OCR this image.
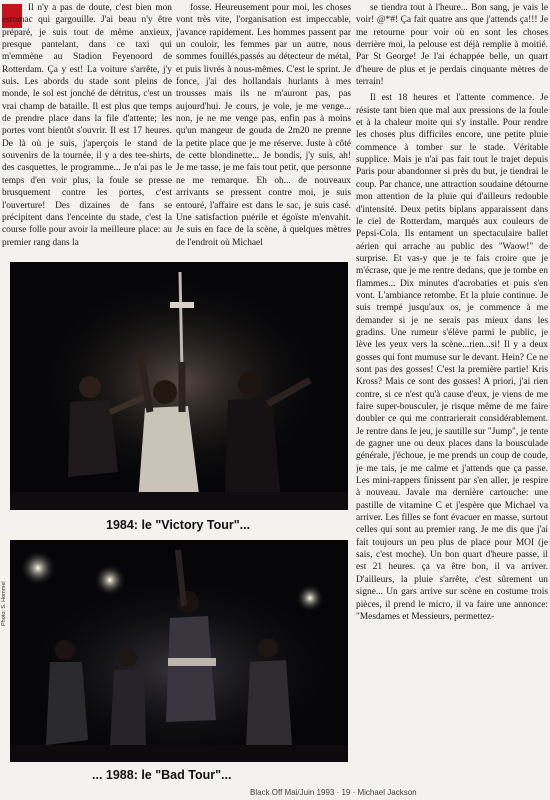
Il n'y a pas de doute, c'est bien mon estomac qui gargouille. J'ai beau n'y être préparé, je suis tout de même anxieux, presque pantelant, dans ce taxi qui m'emmène au Stadion Feyenoord de Rotterdam. Ça y est! La voiture s'arrête, j'y suis. Les abords du stade sont pleins de monde, le sol est jonché de détritus, c'est un vrai champ de bataille. Il est plus que temps de prendre place dans la file d'attente; les portes vont bientôt s'ouvrir. Il est 17 heures. De là où je suis, j'aperçois le stand de souvenirs de la tournée, il y a des tee-shirts, des casquettes, le programme... Je n'ai pas le temps d'en voir plus, la foule se presse brusquement contre les portes, c'est l'ouverture! Des dizaines de fans se précipitent dans l'enceinte du stade, c'est la course folle pour avoir la meilleure place: au premier rang dans la

fosse. Heureusement pour moi, les choses vont très vite, l'organisation est impeccable, j'avance rapidement. Les hommes passent par un couloir, les femmes par un autre, nous sommes fouillés,passés au détecteur de métal, et puis livrés à nous-mêmes. C'est le sprint. Je fonce, j'ai des hollandais hurlants à mes trousses mais ils ne m'auront pas, pas aujourd'hui. Je cours, je vole, je me venge... non, je ne me venge pas, enfin pas à moins qu'un mangeur de gouda de 2m20 ne prenne la petite place que je me réserve. Juste à côté de cette blondinette... Je bondis, j'y suis, ah! Je me tasse, je me fais tout petit, que personne ne me remarque. Eh oh... de nouveaux arrivants se pressent contre moi, je suis entouré, l'affaire est dans le sac, je suis casé. Une satisfaction puérile et égoïste m'envahit. Je suis en face de la scène, à quelques mètres de l'endroit où Michael

se tiendra tout à l'heure... Bon sang, je vais le voir! @*#! Ça fait quatre ans que j'attends ça!!! Je me retourne pour voir où en sont les choses derrière moi, la pelouse est déjà remplie à moitié. Par St George! Je l'ai échappée belle, un quart d'heure de plus et je perdais cinquante mètres de terrain!

Il est 18 heures et l'attente commence. Je résiste tant bien que mal aux pressions de la foule et à la chaleur moite qui s'y installe. Pour rendre les choses plus difficiles encore, une petite pluie commence à tomber sur le stade. Véritable supplice. Mais je n'ai pas fait tout le trajet depuis Paris pour abandonner si près du but, je tiendrai le coup. Par chance, une attraction soudaine détourne mon attention de la pluie qui d'ailleurs redouble d'intensité. Deux petits biplans apparaissent dans le ciel de Rotterdam, marqués aux couleurs de Pepsi-Cola. Ils entament un spectaculaire ballet aérien qui arrache au public des "Waow!" de surprise. Et vas-y que je te fais croire que je m'écrase, que je me rentre dedans, que je tombe en flammes... Dix minutes d'acrobaties et puis s'en vont. L'ambiance retombe. Et la pluie continue. Je suis trempé jusqu'aux os, je commence à me demander si je ne serais pas mieux dans les gradins. Une rumeur s'élève parmi le public, je lève les yeux vers la scène...rien...si! Il y a deux gosses qui font mumuse sur le devant. Hein? Ce ne sont pas des gosses! C'est la première partie! Kris Kross? Mais ce sont des gosses! A priori, j'ai rien contre, si ce n'est qu'à cause d'eux, je viens de me faire super-bousculer, je risque même de me faire doubler ce qui me contrarierait considérablement. Je rentre dans le jeu, je sautille sur "Jump", je tente de gagner une ou deux places dans la bousculade générale, j'échoue, je me prends un coup de coude, je me tais, je me calme et j'attends que ça passe. Les mini-rappers finissent par s'en aller, je respire à nouveau. Javale ma dernière cartouche: une pastille de vitamine C et j'espère que Michael va arriver. Les filles se font évacuer en masse, surtout celles qui sont au premier rang. Je me dis que j'ai fait toujours un peu plus de place pour MOI (je sais, c'est moche). Un bon quart d'heure passe, il est 21 heures. ça va être bon, il va arriver. D'ailleurs, la pluie s'arrête, c'est sûrement un signe... Un gars arrive sur scène en costume trois pièces, il prend le micro, il va faire une annonce: "Mesdames et Messieurs, permettez-

1984: le "Victory Tour"...
Photo: S. Hommel
... 1988: le "Bad Tour"...
Black Off Mai/Juin 1993 · 19 · Michael Jackson
